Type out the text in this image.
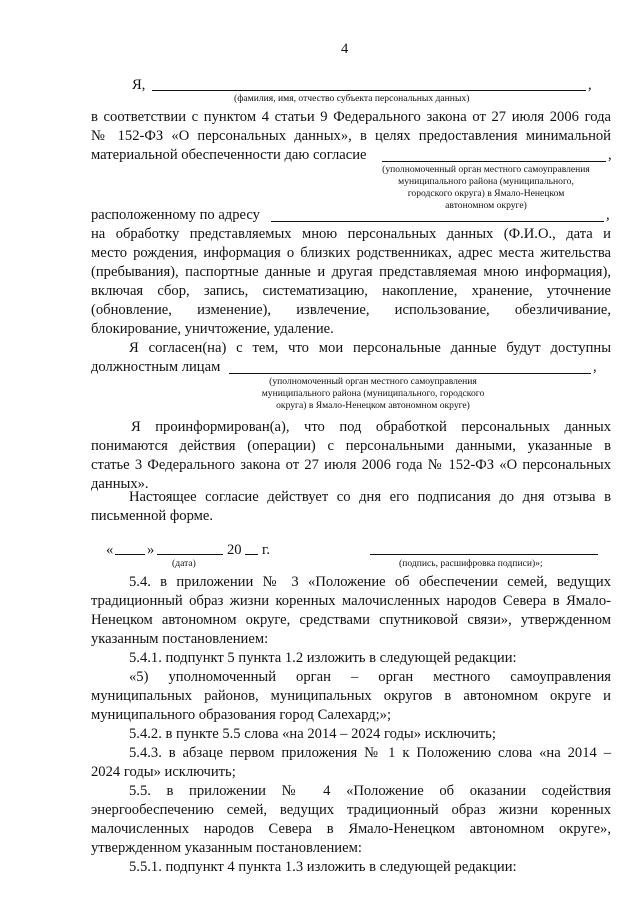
4
Я,	,
(фамилия, имя, отчество субъекта персональных данных)
в соответствии с пунктом 4 статьи 9 Федерального закона от 27 июля 2006 года
№ 152-ФЗ «О персональных данных», в целях предоставления минимальной
материальной обеспеченности даю согласие	,
(уполномоченный орган местного самоуправления
муниципального района (муниципального,
городского округа) в Ямало-Ненецком
автономном округе)
расположенному по адресу	,
на обработку представляемых мною персональных данных (Ф.И.О., дата и
место рождения, информация о близких родственниках, адрес места жительства
(пребывания), паспортные данные и другая представляемая мною информация),
включая сбор, запись, систематизацию, накопление, хранение, уточнение
(обновление, изменение), извлечение, использование, обезличивание,
блокирование, уничтожение, удаление.
Я согласен(на) с тем, что мои персональные данные будут доступны
должностным лицам	,
(уполномоченный орган местного самоуправления
муниципального района (муниципального, городского
округа) в Ямало-Ненецком автономном округе)
Я проинформирован(а), что под обработкой персональных данных
понимаются действия (операции) с персональными данными, указанные в
статье 3 Федерального закона от 27 июля 2006 года № 152-ФЗ «О персональных
данных».
Настоящее согласие действует со дня его подписания до дня отзыва в
письменной форме.
« »	20 г.
(дата)	(подпись, расшифровка подписи)»;
5.4. в приложении № 3 «Положение об обеспечении семей, ведущих
традиционный образ жизни коренных малочисленных народов Севера в Ямало-
Ненецком автономном округе, средствами спутниковой связи», утвержденном
указанным постановлением:
5.4.1. подпункт 5 пункта 1.2 изложить в следующей редакции:
«5) уполномоченный орган – орган местного самоуправления
муниципальных районов, муниципальных округов в автономном округе и
муниципального образования город Салехард;»;
5.4.2. в пункте 5.5 слова «на 2014 – 2024 годы» исключить;
5.4.3. в абзаце первом приложения № 1 к Положению слова «на 2014 –
2024 годы» исключить;
5.5. в приложении № 4 «Положение об оказании содействия
энергообеспечению семей, ведущих традиционный образ жизни коренных
малочисленных народов Севера в Ямало-Ненецком автономном округе»,
утвержденном указанным постановлением:
5.5.1. подпункт 4 пункта 1.3 изложить в следующей редакции:
